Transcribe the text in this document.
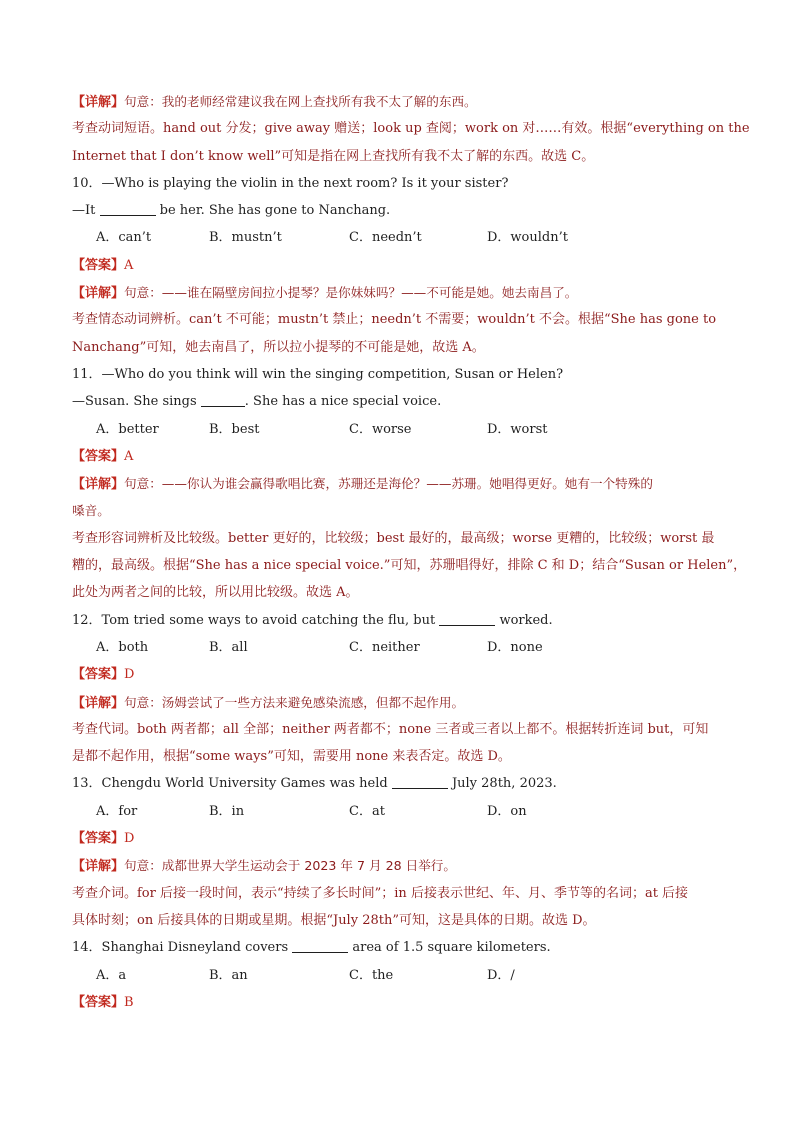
【详解】句意：我的老师经常建议我在网上查找所有我不太了解的东西。
考查动词短语。hand out 分发；give away 赠送；look up 查阅；work on 对……有效。根据“everything on the
Internet that I don’t know well”可知是指在网上查找所有我不太了解的东西。故选 C。
10．—Who is playing the violin in the next room? Is it your sister?
—It	be her. She has gone to Nanchang.
A．can’t	B．mustn’t	C．needn’t	D．wouldn’t
【答案】A
【详解】句意：——谁在隔壁房间拉小提琴？是你妹妹吗？——不可能是她。她去南昌了。
考查情态动词辨析。can’t 不可能；mustn’t 禁止；needn’t 不需要；wouldn’t 不会。根据“She has gone to
Nanchang”可知，她去南昌了，所以拉小提琴的不可能是她，故选 A。
11．—Who do you think will win the singing competition, Susan or Helen?
—Susan. She sings	. She has a nice special voice.
A．better	B．best	C．worse	D．worst
【答案】A
【详解】句意：——你认为谁会赢得歌唱比赛，苏珊还是海伦？——苏珊。她唱得更好。她有一个特殊的
嗓音。
考查形容词辨析及比较级。better 更好的，比较级；best 最好的，最高级；worse 更糟的，比较级；worst 最
糟的，最高级。根据“She has a nice special voice.”可知，苏珊唱得好，排除 C 和 D；结合“Susan or Helen”，
此处为两者之间的比较，所以用比较级。故选 A。
12．Tom tried some ways to avoid catching the flu, but	worked.
A．both	B．all	C．neither	D．none
【答案】D
【详解】句意：汤姆尝试了一些方法来避免感染流感，但都不起作用。
考查代词。both 两者都；all 全部；neither 两者都不；none 三者或三者以上都不。根据转折连词 but，可知
是都不起作用，根据“some ways”可知，需要用 none 来表否定。故选 D。
13．Chengdu World University Games was held	July 28th, 2023.
A．for	B．in	C．at	D．on
【答案】D
【详解】句意：成都世界大学生运动会于 2023 年 7 月 28 日举行。
考查介词。for 后接一段时间，表示“持续了多长时间”；in 后接表示世纪、年、月、季节等的名词；at 后接
具体时刻；on 后接具体的日期或星期。根据“July 28th”可知，这是具体的日期。故选 D。
14．Shanghai Disneyland covers	area of 1.5 square kilometers.
A．a	B．an	C．the	D．/
【答案】B
